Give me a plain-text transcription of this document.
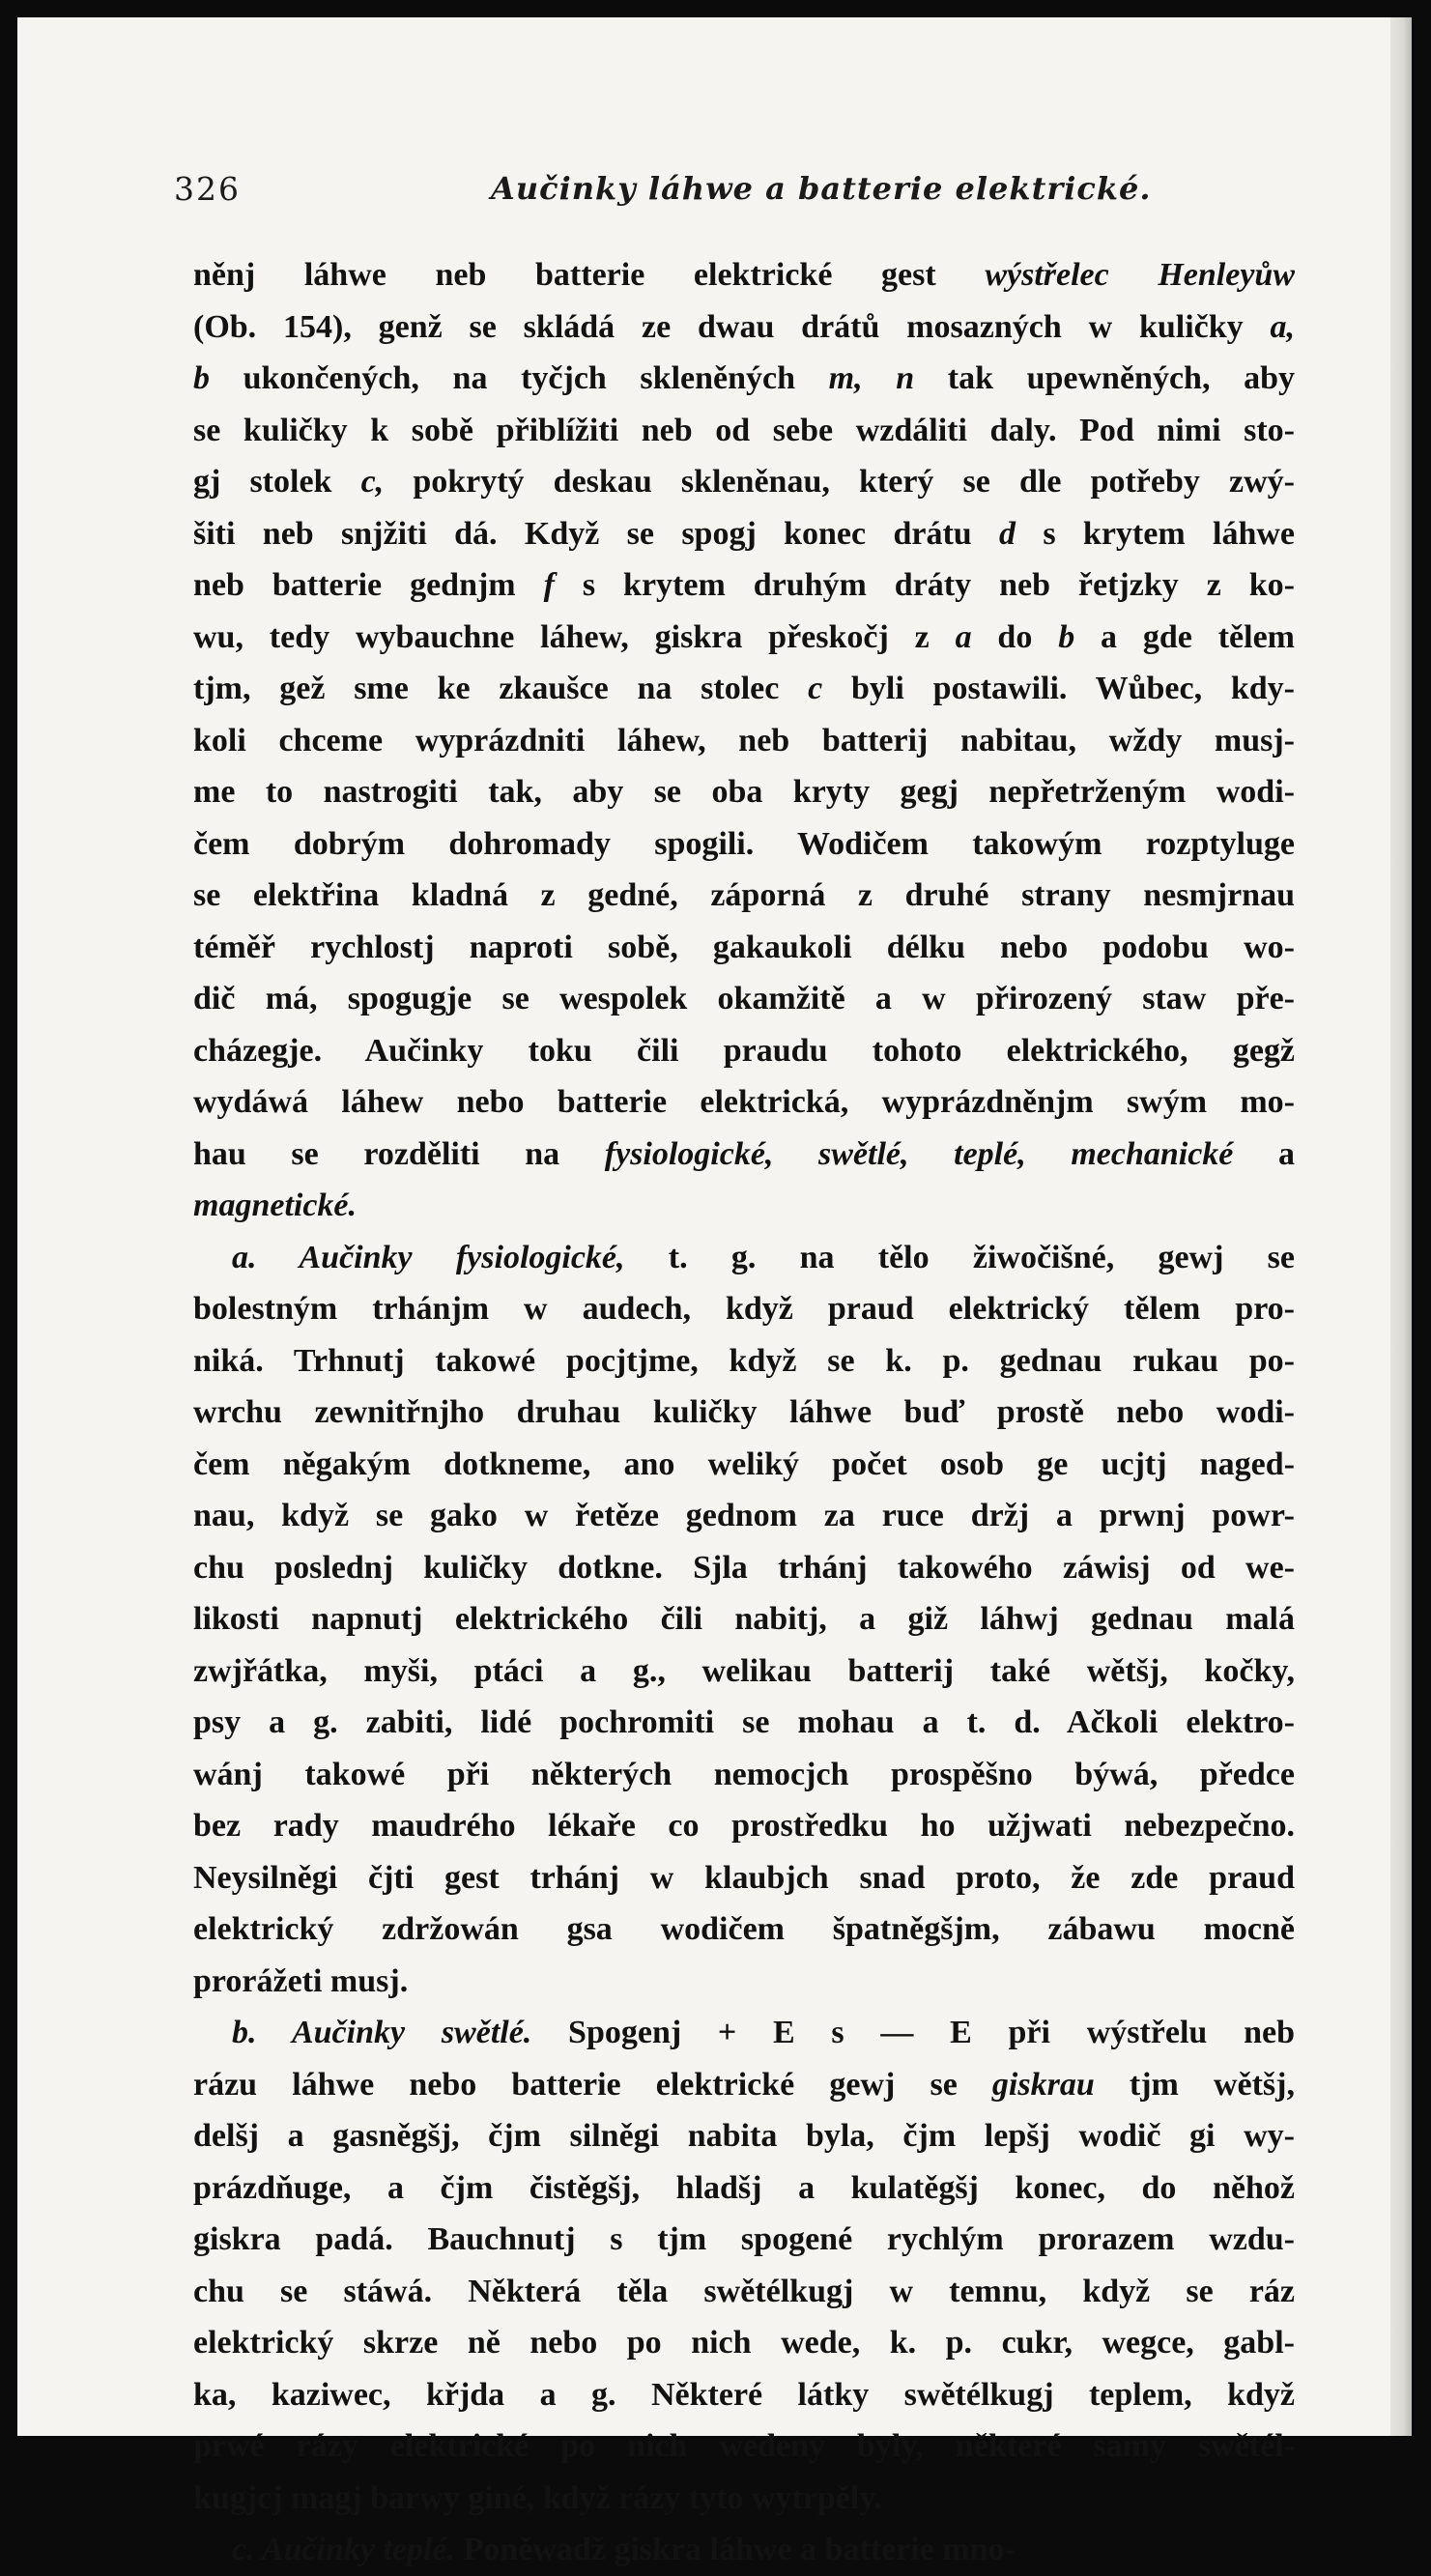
326	Aučinky láhwe a batterie elektrické.
něnj láhwe neb batterie elektrické gest wýstřelec Henleyůw
(Ob. 154), genž se skládá ze dwau drátů mosazných w kuličky a,
b ukončených, na tyčjch skleněných m, n tak upewněných, aby
se kuličky k sobě přiblížiti neb od sebe wzdáliti daly. Pod nimi sto-
gj stolek c, pokrytý deskau skleněnau, který se dle potřeby zwý-
šiti neb snjžiti dá. Když se spogj konec drátu d s krytem láhwe
neb batterie gednjm f s krytem druhým dráty neb řetjzky z ko-
wu, tedy wybauchne láhew, giskra přeskočj z a do b a gde tělem
tjm, gež sme ke zkaušce na stolec c byli postawili. Wůbec, kdy-
koli chceme wyprázdniti láhew, neb batterij nabitau, wždy musj-
me to nastrogiti tak, aby se oba kryty gegj nepřetrženým wodi-
čem dobrým dohromady spogili. Wodičem takowým rozptyluge
se elektřina kladná z gedné, záporná z druhé strany nesmjrnau
téměř rychlostj naproti sobě, gakaukoli délku nebo podobu wo-
dič má, spogugje se wespolek okamžitě a w přirozený staw pře-
cházegje. Aučinky toku čili praudu tohoto elektrického, gegž
wydáwá láhew nebo batterie elektrická, wyprázdněnjm swým mo-
hau se rozděliti na fysiologické, swětlé, teplé, mechanické a
magnetické.
a. Aučinky fysiologické, t. g. na tělo žiwočišné, gewj se
bolestným trhánjm w audech, když praud elektrický tělem pro-
niká. Trhnutj takowé pocjtjme, když se k. p. gednau rukau po-
wrchu zewnitřnjho druhau kuličky láhwe buď prostě nebo wodi-
čem něgakým dotkneme, ano weliký počet osob ge ucjtj naged-
nau, když se gako w řetěze gednom za ruce držj a prwnj powr-
chu poslednj kuličky dotkne. Sjla trhánj takowého záwisj od we-
likosti napnutj elektrického čili nabitj, a giž láhwj gednau malá
zwjřátka, myši, ptáci a g., welikau batterij také wětšj, kočky,
psy a g. zabiti, lidé pochromiti se mohau a t. d. Ačkoli elektro-
wánj takowé při některých nemocjch prospěšno býwá, předce
bez rady maudrého lékaře co prostředku ho užjwati nebezpečno.
Neysilněgi čjti gest trhánj w klaubjch snad proto, že zde praud
elektrický zdržowán gsa wodičem špatněgšjm, zábawu mocně
prorážeti musj.
b. Aučinky swětlé. Spogenj + E s — E při wýstřelu neb
rázu láhwe nebo batterie elektrické gewj se giskrau tjm wětšj,
delšj a gasněgšj, čjm silněgi nabita byla, čjm lepšj wodič gi wy-
prázdňuge, a čjm čistěgšj, hladšj a kulatěgšj konec, do něhož
giskra padá. Bauchnutj s tjm spogené rychlým prorazem wzdu-
chu se stáwá. Některá těla swětélkugj w temnu, když se ráz
elektrický skrze ně nebo po nich wede, k. p. cukr, wegce, gabl-
ka, kaziwec, křjda a g. Některé látky swětélkugj teplem, když
prwé rázy elektrické po nich wedeny byly, některé samy swětél-
kugjcj magj barwy giné, když rázy tyto wytrpěly.
c. Aučinky teplé. Poněwadž giskra láhwe a batterie mno-
